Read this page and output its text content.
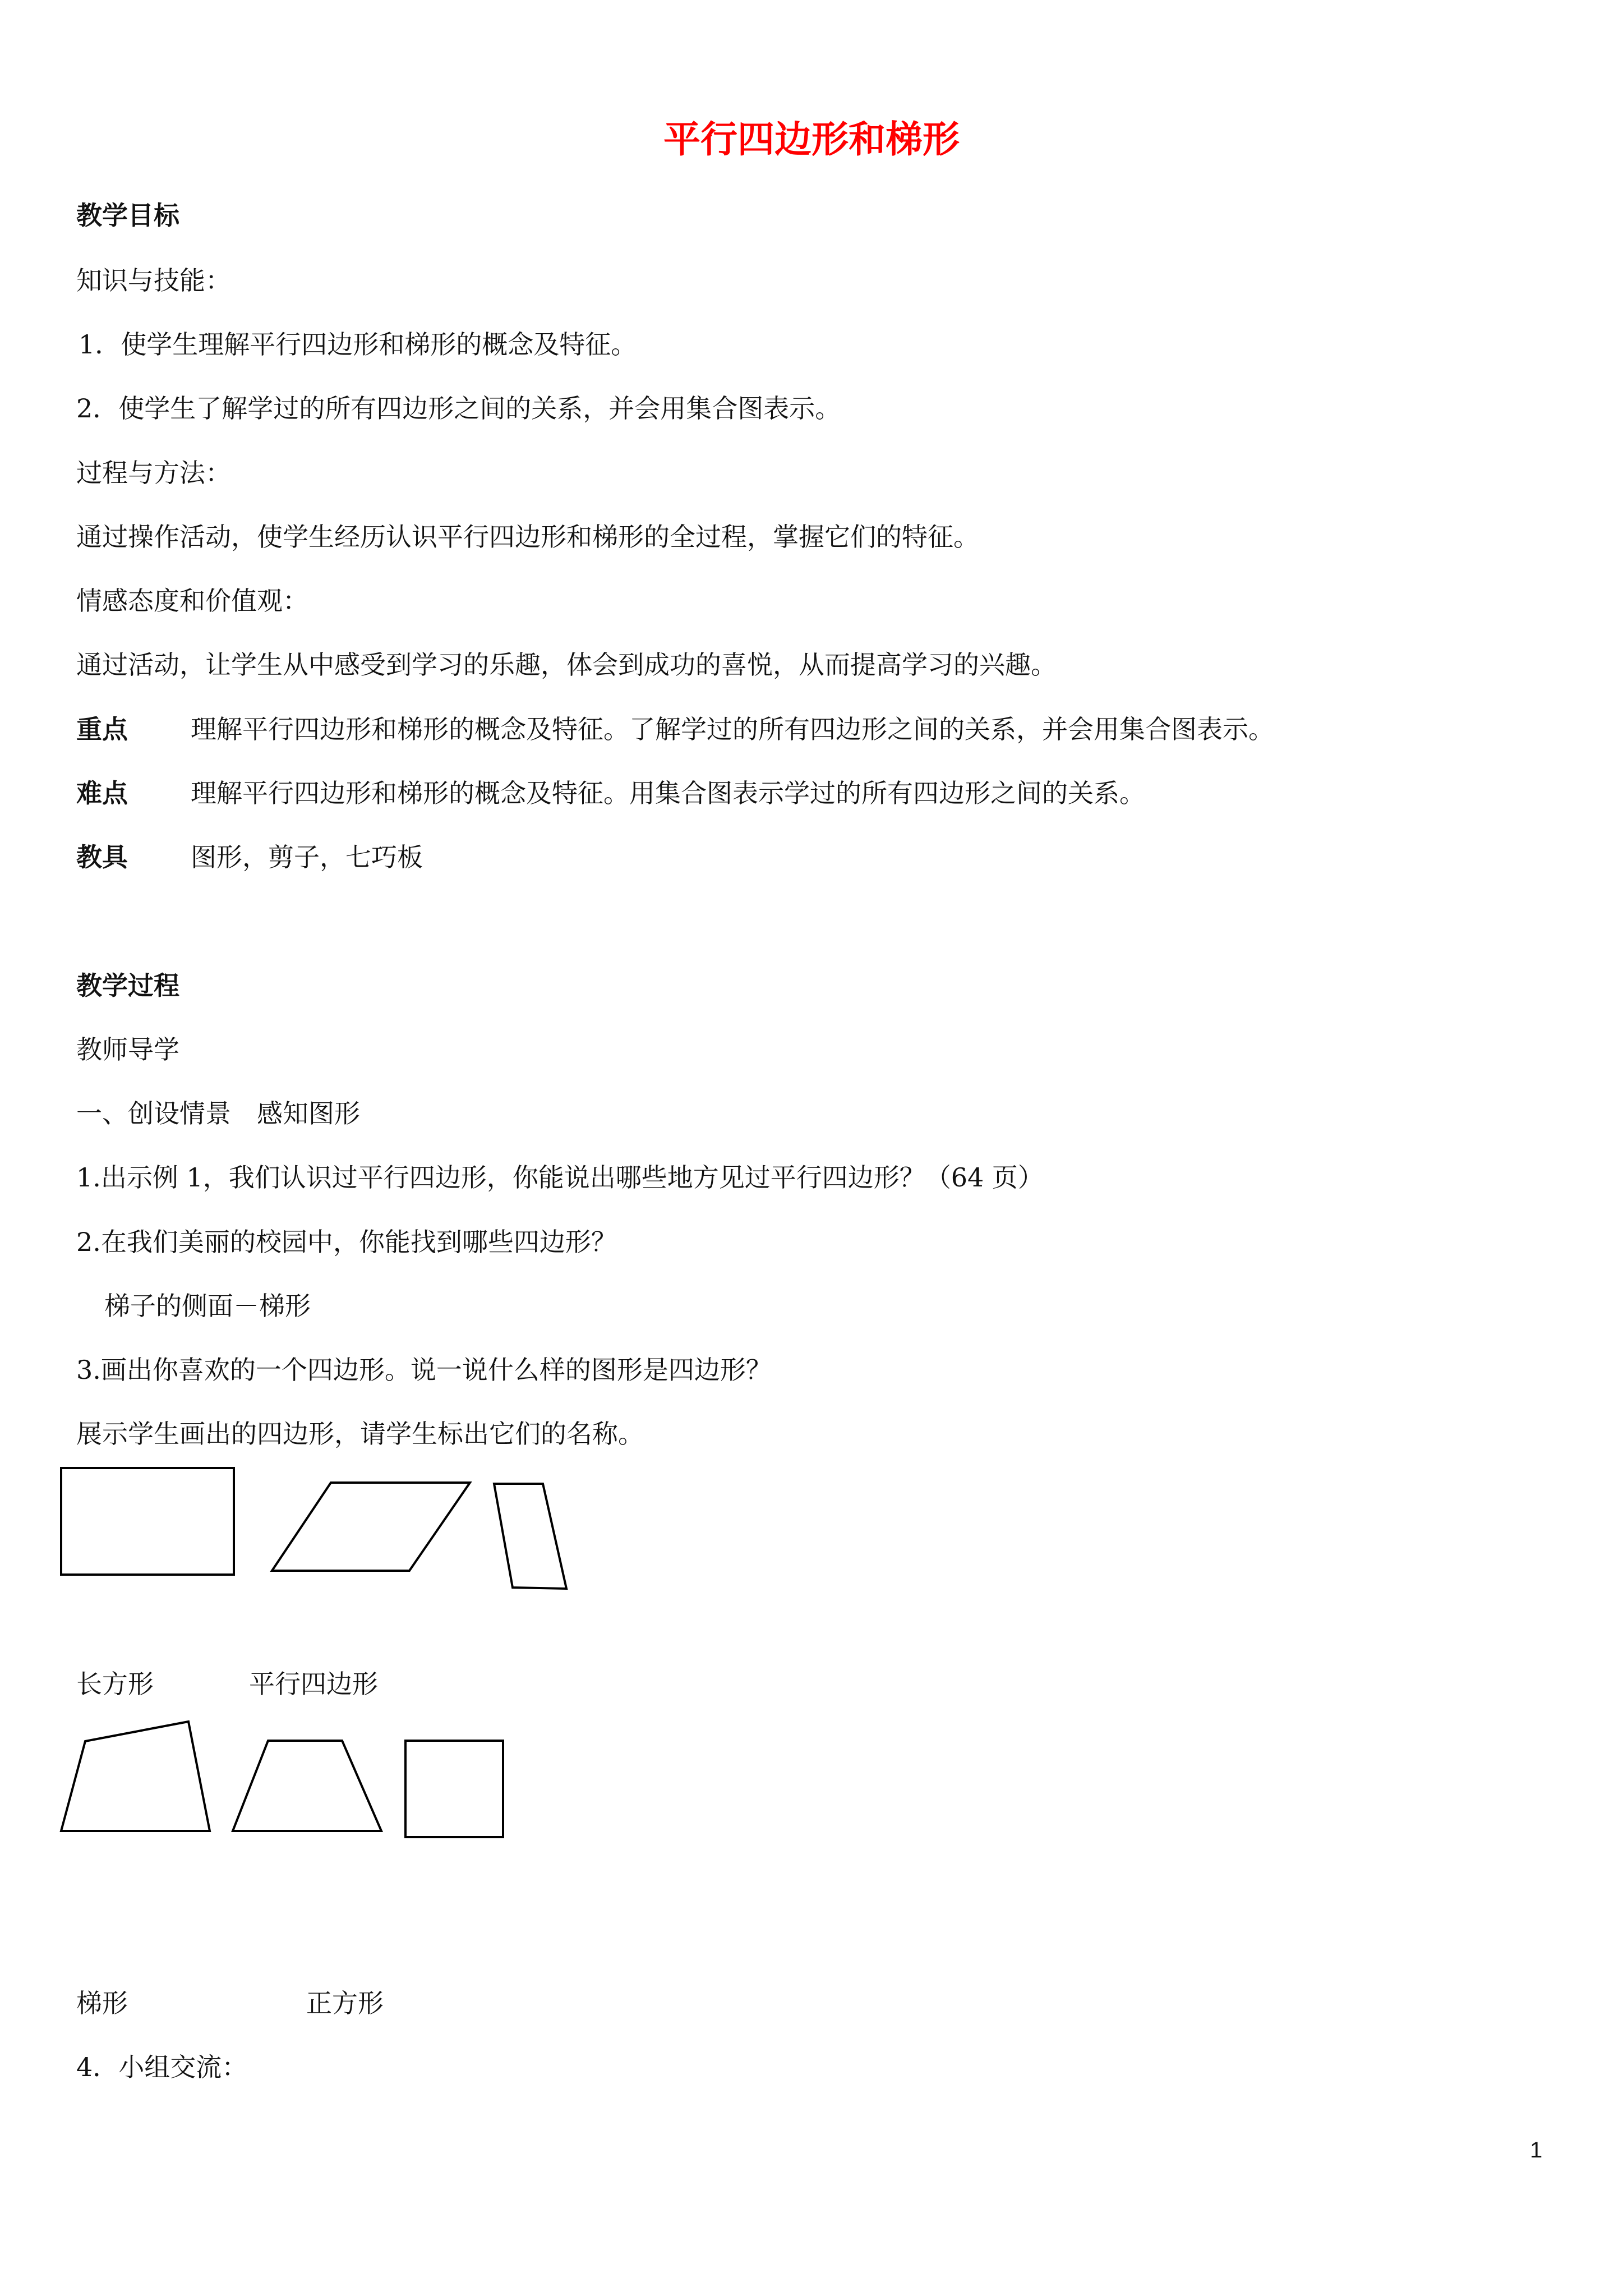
平行四边形和梯形
教学目标
知识与技能：
1．使学生理解平行四边形和梯形的概念及特征。
2．使学生了解学过的所有四边形之间的关系，并会用集合图表示。
过程与方法：
通过操作活动，使学生经历认识平行四边形和梯形的全过程，掌握它们的特征。
情感态度和价值观：
通过活动，让学生从中感受到学习的乐趣，体会到成功的喜悦，从而提高学习的兴趣。
重点 理解平行四边形和梯形的概念及特征。了解学过的所有四边形之间的关系，并会用集合图表示。
难点 理解平行四边形和梯形的概念及特征。用集合图表示学过的所有四边形之间的关系。
教具 图形，剪子，七巧板
教学过程
教师导学
一、创设情景　感知图形
1.出示例 1，我们认识过平行四边形，你能说出哪些地方见过平行四边形？（64 页）
2.在我们美丽的校园中，你能找到哪些四边形？
梯子的侧面－梯形
3.画出你喜欢的一个四边形。说一说什么样的图形是四边形？
展示学生画出的四边形，请学生标出它们的名称。
长方形	平行四边形
梯形	正方形
4．小组交流：
1
